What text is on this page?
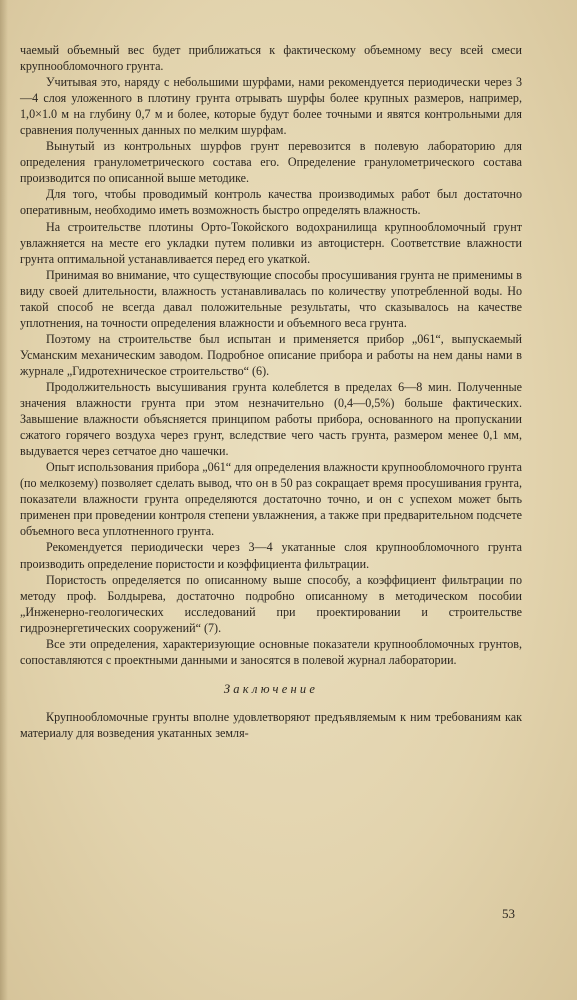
чаемый объемный вес будет приближаться к фактическому объемному весу всей смеси крупнообломочного грунта.

Учитывая это, наряду с небольшими шурфами, нами рекомендуется периодически через 3—4 слоя уложенного в плотину грунта отрывать шурфы более крупных размеров, например, 1,0×1.0 м на глубину 0,7 м и более, которые будут более точными и явятся контрольными для сравнения полученных данных по мелким шурфам.

Вынутый из контрольных шурфов грунт перевозится в полевую лабораторию для определения гранулометрического состава его. Определение гранулометрического состава производится по описанной выше методике.

Для того, чтобы проводимый контроль качества производимых работ был достаточно оперативным, необходимо иметь возможность быстро определять влажность.

На строительстве плотины Орто-Токойского водохранилища крупнообломочный грунт увлажняется на месте его укладки путем поливки из автоцистерн. Соответствие влажности грунта оптимальной устанавливается перед его укаткой.

Принимая во внимание, что существующие способы просушивания грунта не применимы в виду своей длительности, влажность устанавливалась по количеству употребленной воды. Но такой способ не всегда давал положительные результаты, что сказывалось на качестве уплотнения, на точности определения влажности и объемного веса грунта.

Поэтому на строительстве был испытан и применяется прибор „061“, выпускаемый Усманским механическим заводом. Подробное описание прибора и работы на нем даны нами в журнале „Гидротехническое строительство“ (6).

Продолжительность высушивания грунта колеблется в пределах 6—8 мин. Полученные значения влажности грунта при этом незначительно (0,4—0,5%) больше фактических. Завышение влажности объясняется принципом работы прибора, основанного на пропускании сжатого горячего воздуха через грунт, вследствие чего часть грунта, размером менее 0,1 мм, выдувается через сетчатое дно чашечки.

Опыт использования прибора „061“ для определения влажности крупнообломочного грунта (по мелкозему) позволяет сделать вывод, что он в 50 раз сокращает время просушивания грунта, показатели влажности грунта определяются достаточно точно, и он с успехом может быть применен при проведении контроля степени увлажнения, а также при предварительном подсчете объемного веса уплотненного грунта.

Рекомендуется периодически через 3—4 укатанные слоя крупнообломочного грунта производить определение пористости и коэффициента фильтрации.

Пористость определяется по описанному выше способу, а коэффициент фильтрации по методу проф. Болдырева, достаточно подробно описанному в методическом пособии „Инженерно-геологических исследований при проектировании и строительстве гидроэнергетических сооружений“ (7).

Все эти определения, характеризующие основные показатели крупнообломочных грунтов, сопоставляются с проектными данными и заносятся в полевой журнал лаборатории.

Заключение

Крупнообломочные грунты вполне удовлетворяют предъявляемым к ним требованиям как материалу для возведения укатанных земля-

53
